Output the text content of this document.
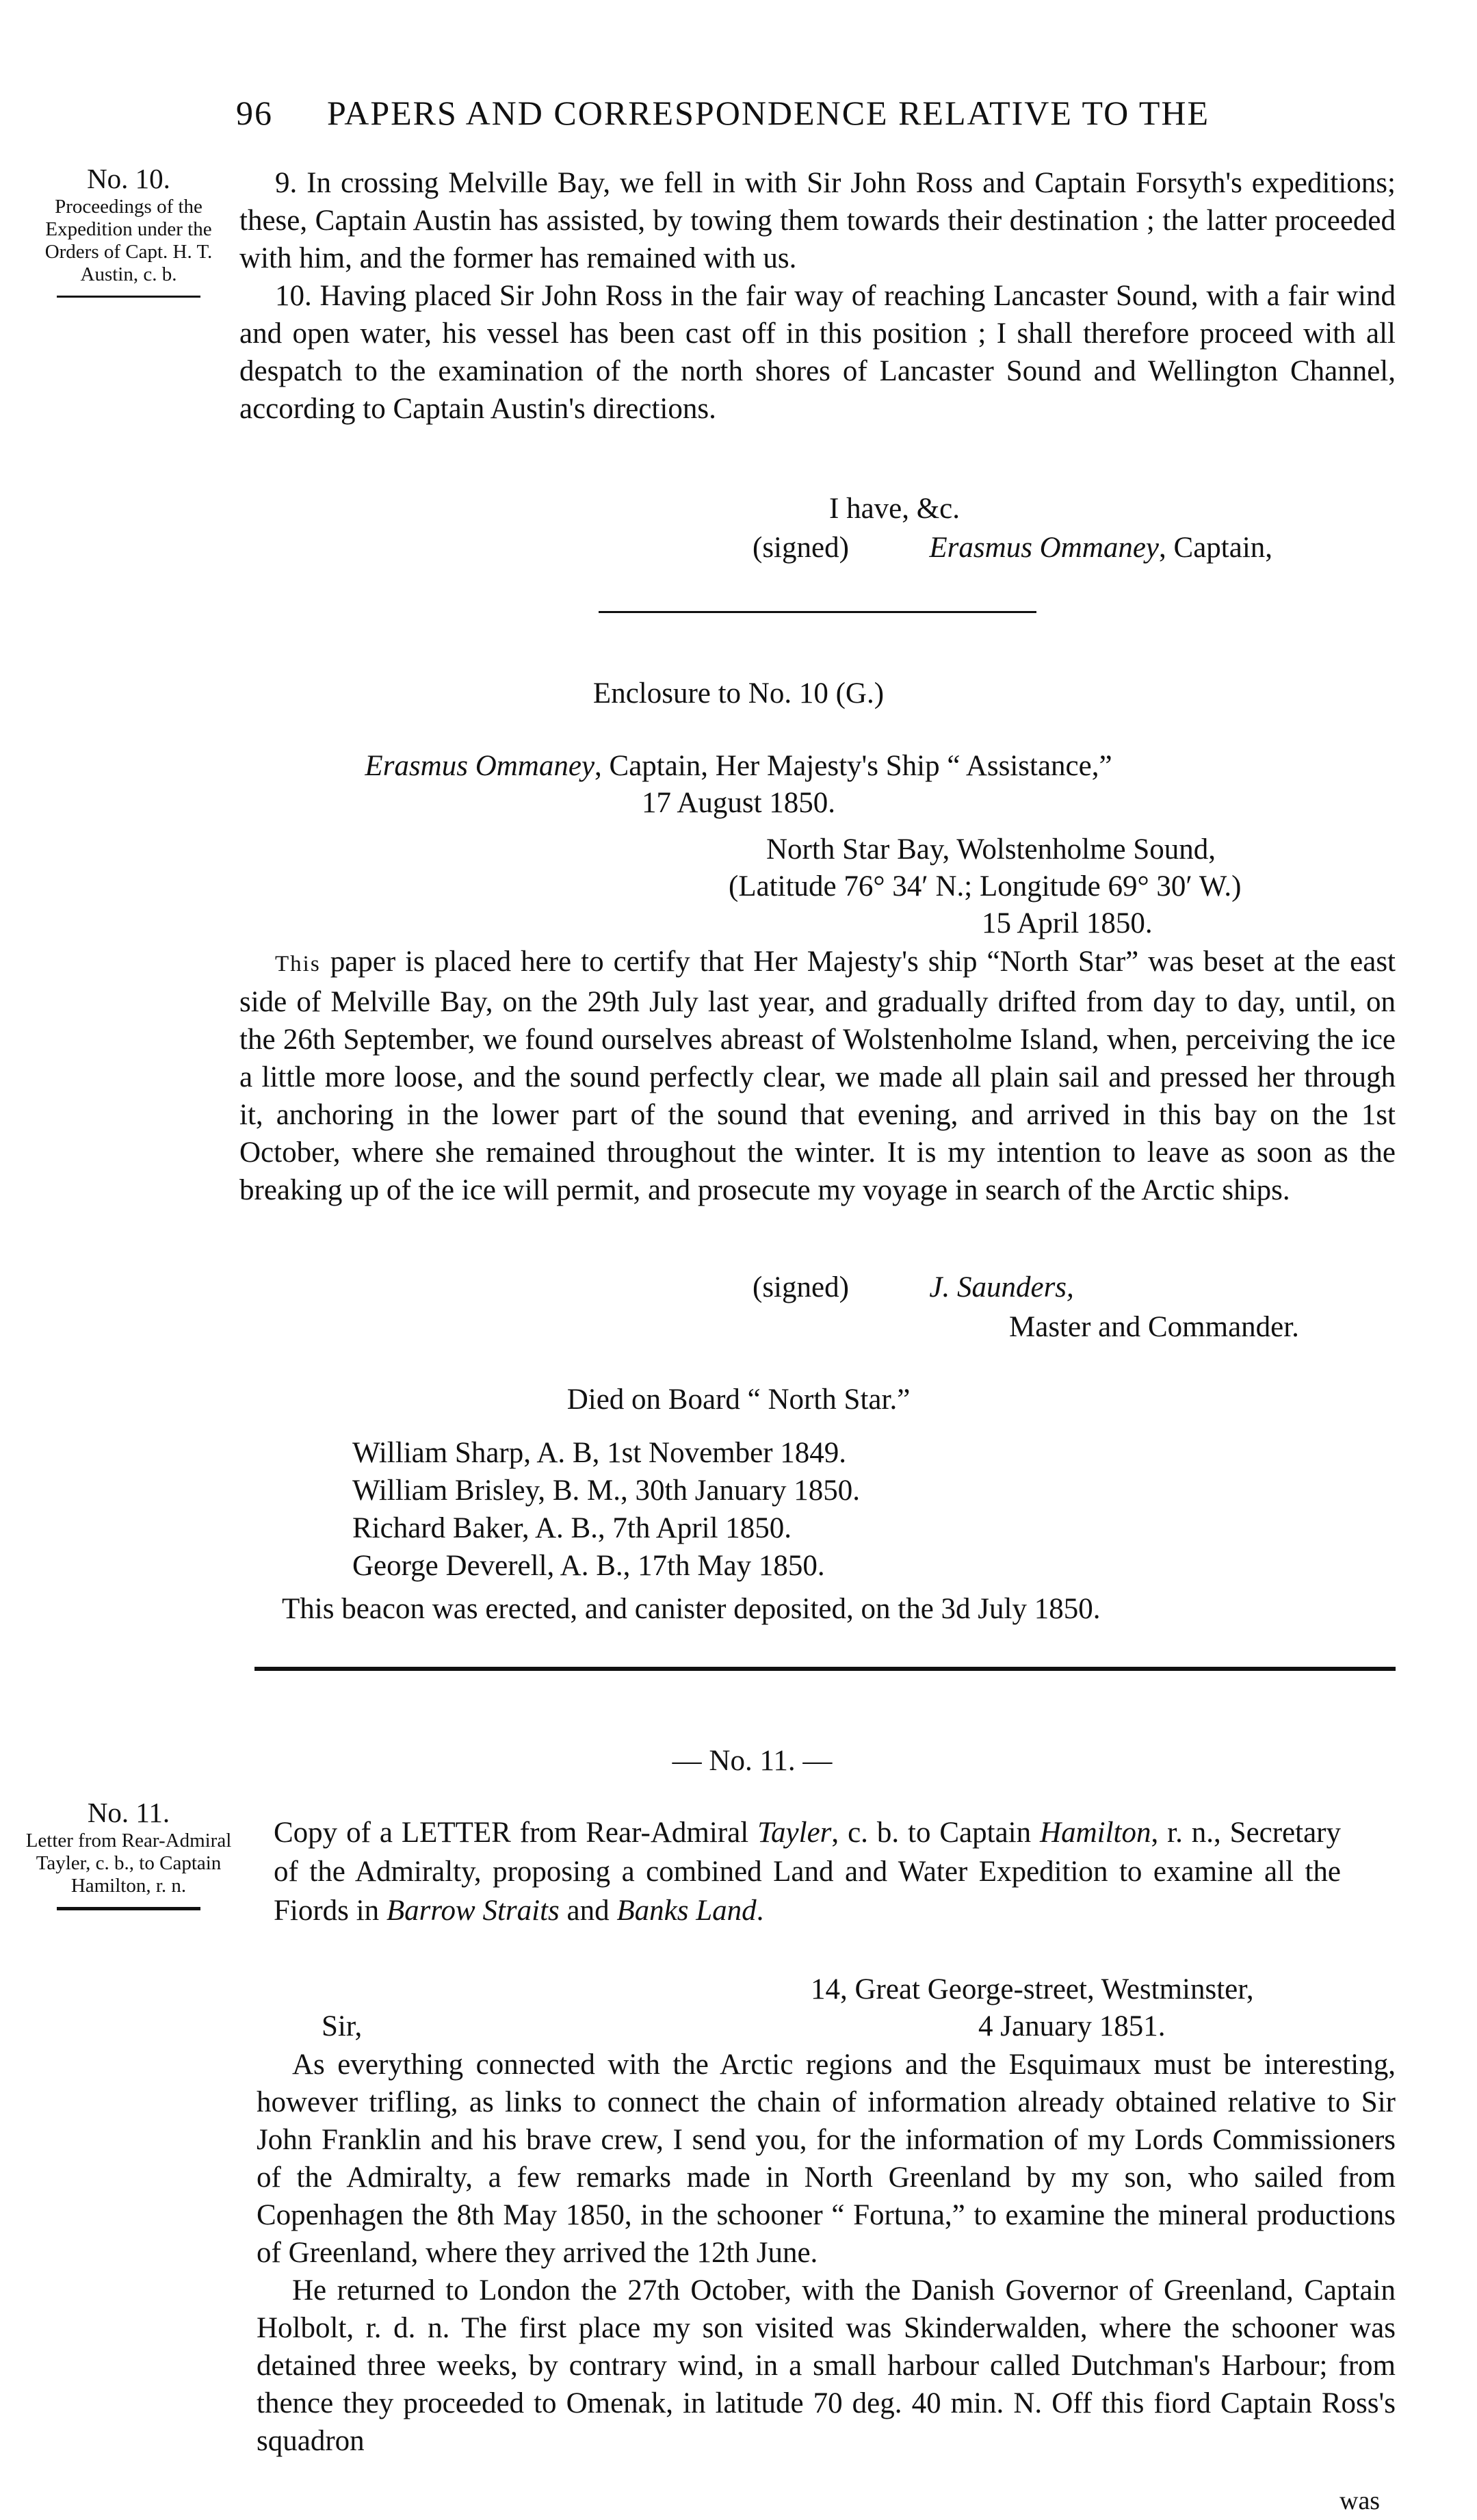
96 PAPERS AND CORRESPONDENCE RELATIVE TO THE
No. 10.
Proceedings of the Expedition under the Orders of Capt. H. T. Austin, c. b.

9. In crossing Melville Bay, we fell in with Sir John Ross and Captain Forsyth's expeditions; these, Captain Austin has assisted, by towing them towards their destination ; the latter proceeded with him, and the former has remained with us.

10. Having placed Sir John Ross in the fair way of reaching Lancaster Sound, with a fair wind and open water, his vessel has been cast off in this position ; I shall therefore proceed with all despatch to the examination of the north shores of Lancaster Sound and Wellington Channel, according to Captain Austin's directions.

I have, &c.
(signed)	Erasmus Ommaney, Captain,
Enclosure to No. 10 (G.)
Erasmus Ommaney, Captain, Her Majesty's Ship “ Assistance,”
17 August 1850.
North Star Bay, Wolstenholme Sound,
(Latitude 76° 34′ N.; Longitude 69° 30′ W.)
15 April 1850.

This paper is placed here to certify that Her Majesty's ship “North Star” was beset at the east side of Melville Bay, on the 29th July last year, and gradually drifted from day to day, until, on the 26th September, we found ourselves abreast of Wolstenholme Island, when, perceiving the ice a little more loose, and the sound perfectly clear, we made all plain sail and pressed her through it, anchoring in the lower part of the sound that evening, and arrived in this bay on the 1st October, where she remained throughout the winter. It is my intention to leave as soon as the breaking up of the ice will permit, and prosecute my voyage in search of the Arctic ships.

(signed)	J. Saunders,
Master and Commander.
Died on Board “ North Star.”
William Sharp, A. B, 1st November 1849.
William Brisley, B. M., 30th January 1850.
Richard Baker, A. B., 7th April 1850.
George Deverell, A. B., 17th May 1850.
This beacon was erected, and canister deposited, on the 3d July 1850.
— No. 11. —
No. 11.
Letter from Rear-Admiral Tayler, c. b., to Captain Hamilton, r. n.

Copy of a LETTER from Rear-Admiral Tayler, c. b. to Captain Hamilton, r. n., Secretary of the Admiralty, proposing a combined Land and Water Expedition to examine all the Fiords in Barrow Straits and Banks Land.

14, Great George-street, Westminster,
Sir,	4 January 1851.

As everything connected with the Arctic regions and the Esquimaux must be interesting, however trifling, as links to connect the chain of information already obtained relative to Sir John Franklin and his brave crew, I send you, for the information of my Lords Commissioners of the Admiralty, a few remarks made in North Greenland by my son, who sailed from Copenhagen the 8th May 1850, in the schooner “ Fortuna,” to examine the mineral productions of Greenland, where they arrived the 12th June.

He returned to London the 27th October, with the Danish Governor of Greenland, Captain Holbolt, r. d. n. The first place my son visited was Skinderwalden, where the schooner was detained three weeks, by contrary wind, in a small harbour called Dutchman's Harbour; from thence they proceeded to Omenak, in latitude 70 deg. 40 min. N. Off this fiord Captain Ross's squadron

was
